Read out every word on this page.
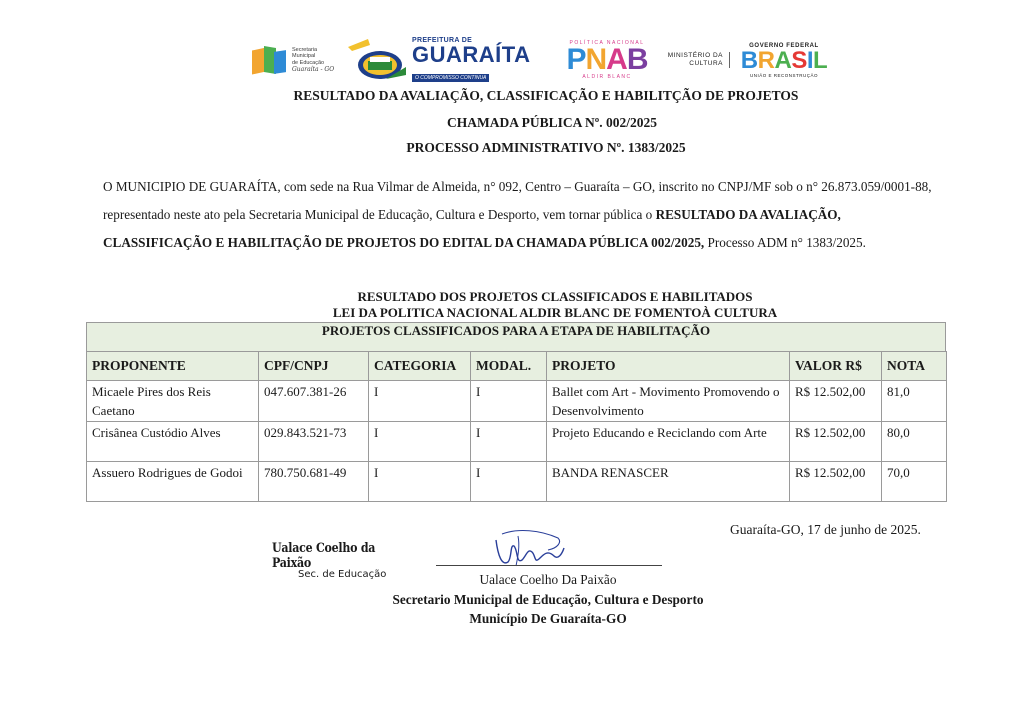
Secretaria
Municipal
de Educação
Guaraíta - GO
PREFEITURA DE
GUARAÍTA
O COMPROMISSO CONTINUA
POLÍTICA NACIONAL
PNAB
ALDIR BLANC
MINISTÉRIO DA
CULTURA
GOVERNO FEDERAL
BRASIL
UNIÃO E RECONSTRUÇÃO
RESULTADO DA AVALIAÇÃO, CLASSIFICAÇÃO E HABILITÇÃO DE PROJETOS
CHAMADA PÚBLICA Nº. 002/2025
PROCESSO ADMINISTRATIVO Nº. 1383/2025
O MUNICIPIO DE GUARAÍTA, com sede na Rua Vilmar de Almeida, n° 092, Centro – Guaraíta – GO, inscrito no CNPJ/MF sob o n° 26.873.059/0001-88, representado neste ato pela Secretaria Municipal de Educação, Cultura e Desporto, vem tornar pública o RESULTADO DA AVALIAÇÃO, CLASSIFICAÇÃO E HABILITAÇÃO DE PROJETOS DO EDITAL DA CHAMADA PÚBLICA 002/2025, Processo ADM n° 1383/2025.
RESULTADO DOS PROJETOS CLASSIFICADOS E HABILITADOS
LEI DA POLITICA NACIONAL ALDIR BLANC DE FOMENTOÀ CULTURA
PROJETOS CLASSIFICADOS PARA A ETAPA DE HABILITAÇÃO
PROPONENTE	CPF/CNPJ	CATEGORIA	MODAL.	PROJETO	VALOR R$	NOTA
Micaele Pires dos Reis Caetano	047.607.381-26	I	I	Ballet com Art - Movimento Promovendo o Desenvolvimento	R$ 12.502,00	81,0
Crisânea Custódio Alves	029.843.521-73	I	I	Projeto Educando e Reciclando com Arte	R$ 12.502,00	80,0
Assuero Rodrigues de Godoi	780.750.681-49	I	I	BANDA RENASCER	R$ 12.502,00	70,0
Guaraíta-GO, 17 de junho de 2025.
Ualace Coelho da Paixão
Sec. de Educação	Ualace Coelho Da Paixão
Secretario Municipal de Educação, Cultura e Desporto
Município De Guaraíta-GO
